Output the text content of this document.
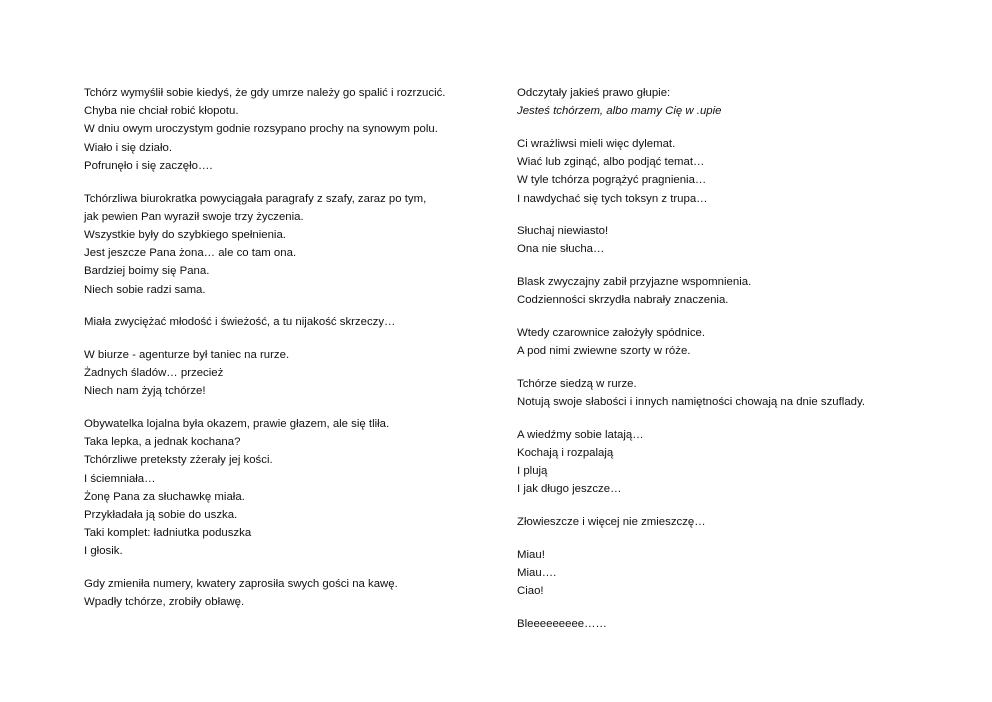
Tchórz wymyślił sobie kiedyś, że gdy umrze należy go spalić i rozrzucić.
Chyba nie chciał robić kłopotu.
W dniu owym uroczystym godnie rozsypano prochy na synowym polu.
Wiało i się działo.
Pofrunęło i się zaczęło….
Tchórzliwa biurokratka powyciągała paragrafy z szafy, zaraz po tym,
jak pewien Pan wyraził swoje trzy życzenia.
Wszystkie były do szybkiego spełnienia.
Jest jeszcze Pana żona… ale co tam ona.
Bardziej boimy się Pana.
Niech sobie radzi sama.
Miała zwyciężać młodość i świeżość, a tu nijakość skrzeczy…
W biurze - agenturze był taniec na rurze.
Żadnych śladów… przecież
Niech nam żyją tchórze!
Obywatelka lojalna była okazem, prawie głazem, ale się tliła.
Taka lepka, a jednak kochana?
Tchórzliwe preteksty zżerały jej kości.
I ściemniała…
Żonę Pana za słuchawkę miała.
Przykładała ją sobie do uszka.
Taki komplet: ładniutka poduszka
I głosik.
Gdy zmieniła numery, kwatery zaprosiła swych gości na kawę.
Wpadły tchórze, zrobiły obławę.
Odczytały jakieś prawo głupie:
Jesteś tchórzem, albo mamy Cię w .upie
Ci wrażliwsi mieli więc dylemat.
Wiać lub zginąć, albo podjąć temat…
W tyle tchórza pogrążyć pragnienia…
I nawdychać się tych toksyn z trupa…
Słuchaj niewiasto!
Ona nie słucha…
Blask zwyczajny zabił przyjazne wspomnienia.
Codzienności skrzydła nabrały znaczenia.
Wtedy czarownice założyły spódnice.
A pod nimi zwiewne szorty w róże.
Tchórze siedzą w rurze.
Notują swoje słabości i innych namiętności chowają na dnie szuflady.
A wiedźmy sobie latają…
Kochają i rozpalają
I plują
I jak długo jeszcze…
Złowieszcze i więcej nie zmieszczę…
Miau!
Miau….
Ciao!
Bleeeeeeeee……
